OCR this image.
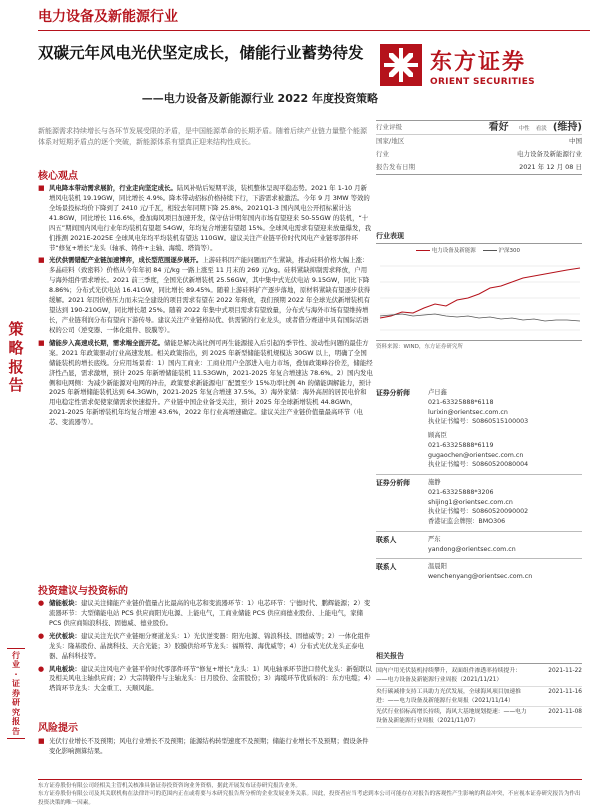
电力设备及新能源行业
双碳元年风电光伏坚定成长，储能行业蓄势待发
——电力设备及新能源行业 2022 年度投资策略
东方证券
ORIENT SECURITIES
新能源需求持续增长与各环节发展受限的矛盾，是中国能源革命的长期矛盾。随着后续产业链力量整个能源体系对短期矛盾点的逐个突破，新能源体系有望真正迎来结构性成长。
核心观点
■ 风电降本带动需求展阶，行业走向坚定成长。陆风补贴后短期平淡，装机整体呈现平稳态势。2021 年 1-10 月新增风电装机 19.19GW，同比增长 4.9%。降本带动招标价格持续下行，下游需求被激活。今年 9 月 3MW 等效的全场景投标均价下降到了 2410 元/千瓦，相较去年同期下降 25.8%。2021Q1-3 国内风电公开招标累计达 41.8GW，同比增长 116.6%，叠加海风项目加速开发，保守估计明年国内市场有望迎来 50-55GW 的装机，“十四五”期间国内风电行业年均装机有望超 54GW，年均复合增速有望超 15%。全球风电需求有望迎来放量爆发，我们推测 2021E-2025E 全球风电年均平均装机有望达 110GW。建议关注产业链平价时代风电产业链零部件环节“修复+增长”龙头（轴承、铸件+主轴、海缆、塔筒等）。
■ 光伏供需错配产业链加速博弈，成长型范围逐步展开。上游硅料因产能问题而产生紧缺，推动硅料价格大幅上涨：多晶硅料（致密料）价格从今年年初 84 元/kg 一路上涨至 11 月末的 269 元/kg。硅料紧缺抑制需求释放，户用与海外组件需求增长。2021 前三季度，全国光伏新增装机 25.56GW，其中集中式光伏电站 9.15GW，同比下降 8.86%；分布式光伏电站 16.41GW，同比增长 89.45%。随着上游硅料扩产逐步落地，原材料紧缺有望逐步获得缓解。2021 年因价格压力而未完全建设的项目需求有望在 2022 年释放，我们预期 2022 年全球光伏新增装机有望达到 190-210GW，同比增长超 25%。随着 2022 年集中式项目需求有望放量，分布式与海外市场有望维持增长，产业链利润分布有望向下游传导。建议关注产业链格局优、供需紧的行业龙头，或者借分赛道中具有国际话语权的公司（逆变器、一体化组件、胶膜等）。
■ 储能步入高速成长期，需求端全面开花。储能是解决高比例可再生能源接入后引起的季节性、波动性问题的最佳方案。2021 年政策驱动行业高速发展。相关政策指出，到 2025 年新型储能装机规模达 30GW 以上，明确了全国储能装机的增长底线。分应用场景看：1）国内工商业：工商业用户全部进入电力市场，叠加政策峰谷价差，储能经济性凸显，需求激增，预计 2025 年新增储能装机 11.53GWh，2021-2025 年复合增速达 78.6%。2）国内发电侧和电网侧：为减少新能源对电网的冲击，政策要求新能源电厂配置至少 15%功率比例 4h 的储能调解能力，预计 2025 年新增储能装机达到 64.3GWh，2021-2025 年复合增速 37.5%。3）海外家储：海外高居的居民电价和用电稳定性需求促使家储需求快速提升。产业链中国企业备受关注，预计 2025 年全球新增装机 44.8GWh，2021-2025 年新增装机年均复合增速 43.6%，2022 年行业高增速确定。建议关注产业链价值量最高环节（电芯、变流器等）。
投资建议与投资标的
● 储能板块：建议关注储能产业链价值量占比最高的电芯和变流器环节：1）电芯环节：宁德时代、鹏辉能源；2）变流器环节：大型储能电站 PCS 供应商阳光电源、上能电气，工商业储能 PCS 供应商德业股份、上能电气，家储 PCS 供应商锦浪科技、固德威、德业股份。
● 光伏板块：建议关注光伏产业链细分赛道龙头：1）光伏逆变器：阳光电源、锦浪科技、固德威等；2）一体化组件龙头：隆基股份、晶澳科技、天合光能；3）胶膜供给环节龙头：福斯特、海优威等；4）分布式光伏龙头正泰电器、晶科科技等。
● 风电板块：建议关注风电产业链平价时代零部件环节“修复+增长”龙头：1）风电轴承环节进口替代龙头：新强联以及相关风电主轴供应商；2）大宗铸锻件与主轴龙头：日月股份、金雷股份；3）海缆环节优质标的：东方电缆；4）塔筒环节龙头：大金重工、天顺风能。
风险提示
■ 光伏行业增长不及预期；风电行业增长不及预期；能源结构转型速度不及预期；储能行业增长不及预期；假设条件变化影响测算结果。
策
略
报
告
行
业
·
证
券
研
究
报
告
行业评级	看好 中性 看淡 (维持)
国家/地区	中国
行业	电力设备及新能源行业
报告发布日期	2021 年 12 月 08 日
行业表现
电力设备及新能源	沪深300
资料来源：WIND，东方证券研究所
证券分析师	卢日鑫
021-63325888*6118
lurixin@orientsec.com.cn
执业证书编号：S0860515100003
顾高臣
021-63325888*6119
gugaochen@orientsec.com.cn
执业证书编号：S0860520080004
证券分析师	施静
021-63325888*3206
shijing1@orientsec.com.cn
执业证书编号：S0860520090002
香港证监会牌照：BMO306
联系人	严东
yandong@orientsec.com.cn
联系人	温晨阳
wenchenyang@orientsec.com.cn
相关报告
国内户用光伏装机持续攀升，双面组件渗透率持续提升：——电力设备及新能源行业周报（2021/11/21）
2021-11-22
央行碳减排支持工具助力光伏发展，全球海风项目加速推进：——电力设备及新能源行业周报（2021/11/14）
2021-11-16
光伏行业招标高增长持续，海风大基地规划提速：——电力设备及新能源行业周报（2021/11/07）
2021-11-08
东方证券股份有限公司经相关主管机关核准具备证券投资咨询业务资格，据此开展发布证券研究报告业务。
东方证券股份有限公司及其关联机构在法律许可的范围内正在或将要与本研究报告所分析的企业发展业务关系。因此，投资者应当考虑到本公司可能存在对报告的客观性产生影响的利益冲突，不应视本证券研究报告为作出投资决策的唯一因素。
